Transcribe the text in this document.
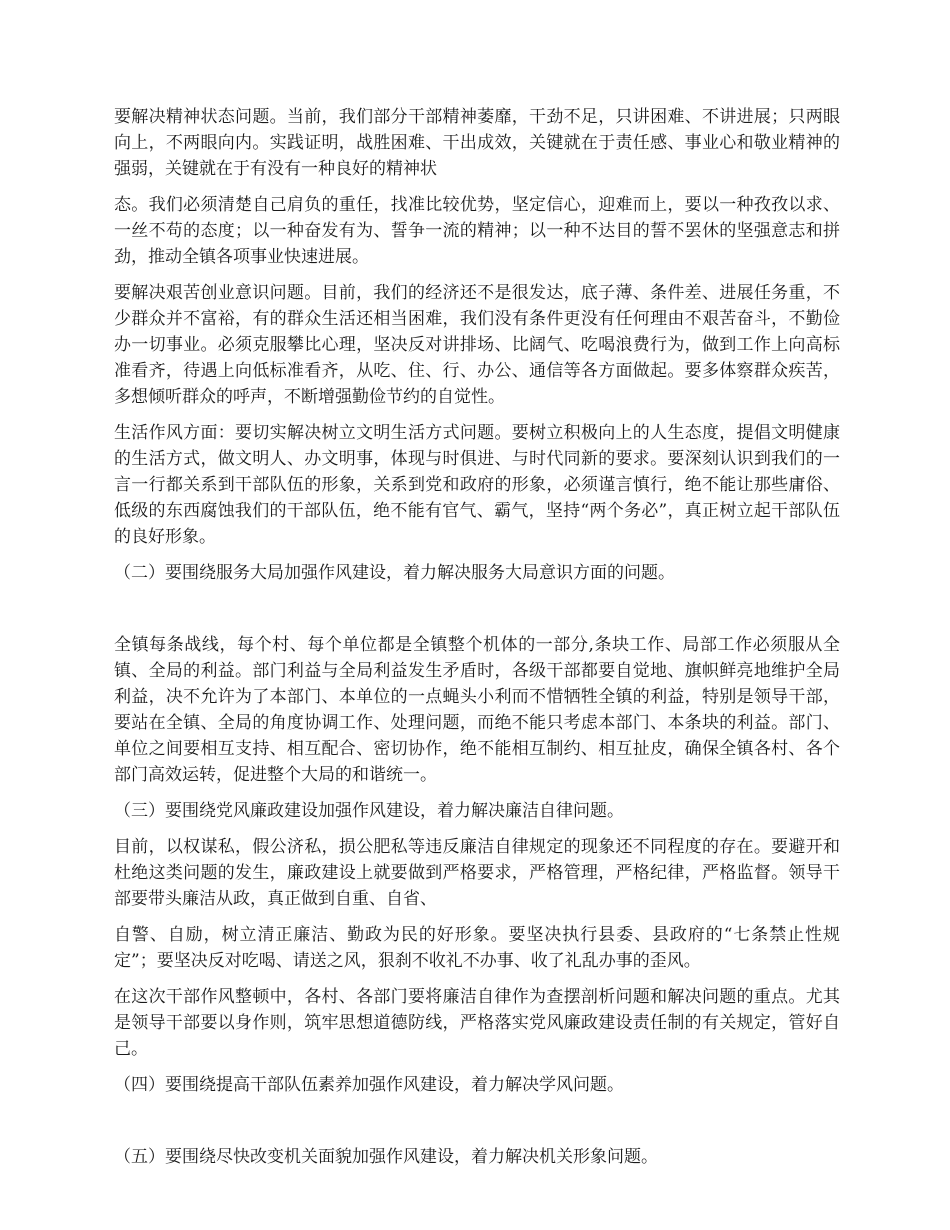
要解决精神状态问题。当前，我们部分干部精神萎靡，干劲不足，只讲困难、不讲进展；只两眼向上，不两眼向内。实践证明，战胜困难、干出成效，关键就在于责任感、事业心和敬业精神的强弱，关键就在于有没有一种良好的精神状

态。我们必须清楚自己肩负的重任，找准比较优势，坚定信心，迎难而上，要以一种孜孜以求、一丝不苟的态度；以一种奋发有为、誓争一流的精神；以一种不达目的誓不罢休的坚强意志和拼劲，推动全镇各项事业快速进展。

要解决艰苦创业意识问题。目前，我们的经济还不是很发达，底子薄、条件差、进展任务重，不少群众并不富裕，有的群众生活还相当困难，我们没有条件更没有任何理由不艰苦奋斗，不勤俭办一切事业。必须克服攀比心理，坚决反对讲排场、比阔气、吃喝浪费行为，做到工作上向高标准看齐，待遇上向低标准看齐，从吃、住、行、办公、通信等各方面做起。要多体察群众疾苦，多想倾听群众的呼声，不断增强勤俭节约的自觉性。

生活作风方面：要切实解决树立文明生活方式问题。要树立积极向上的人生态度，提倡文明健康的生活方式，做文明人、办文明事，体现与时俱进、与时代同新的要求。要深刻认识到我们的一言一行都关系到干部队伍的形象，关系到党和政府的形象，必须谨言慎行，绝不能让那些庸俗、低级的东西腐蚀我们的干部队伍，绝不能有官气、霸气，坚持“两个务必”，真正树立起干部队伍的良好形象。

（二）要围绕服务大局加强作风建设，着力解决服务大局意识方面的问题。

全镇每条战线，每个村、每个单位都是全镇整个机体的一部分,条块工作、局部工作必须服从全镇、全局的利益。部门利益与全局利益发生矛盾时，各级干部都要自觉地、旗帜鲜亮地维护全局利益，决不允许为了本部门、本单位的一点蝇头小利而不惜牺牲全镇的利益，特别是领导干部，要站在全镇、全局的角度协调工作、处理问题，而绝不能只考虑本部门、本条块的利益。部门、单位之间要相互支持、相互配合、密切协作，绝不能相互制约、相互扯皮，确保全镇各村、各个部门高效运转，促进整个大局的和谐统一。

（三）要围绕党风廉政建设加强作风建设，着力解决廉洁自律问题。

目前，以权谋私，假公济私，损公肥私等违反廉洁自律规定的现象还不同程度的存在。要避开和杜绝这类问题的发生，廉政建设上就要做到严格要求，严格管理，严格纪律，严格监督。领导干部要带头廉洁从政，真正做到自重、自省、

自警、自励，树立清正廉洁、勤政为民的好形象。要坚决执行县委、县政府的“七条禁止性规定”；要坚决反对吃喝、请送之风，狠刹不收礼不办事、收了礼乱办事的歪风。

在这次干部作风整顿中，各村、各部门要将廉洁自律作为查摆剖析问题和解决问题的重点。尤其是领导干部要以身作则，筑牢思想道德防线，严格落实党风廉政建设责任制的有关规定，管好自己。

（四）要围绕提高干部队伍素养加强作风建设，着力解决学风问题。

（五）要围绕尽快改变机关面貌加强作风建设，着力解决机关形象问题。
